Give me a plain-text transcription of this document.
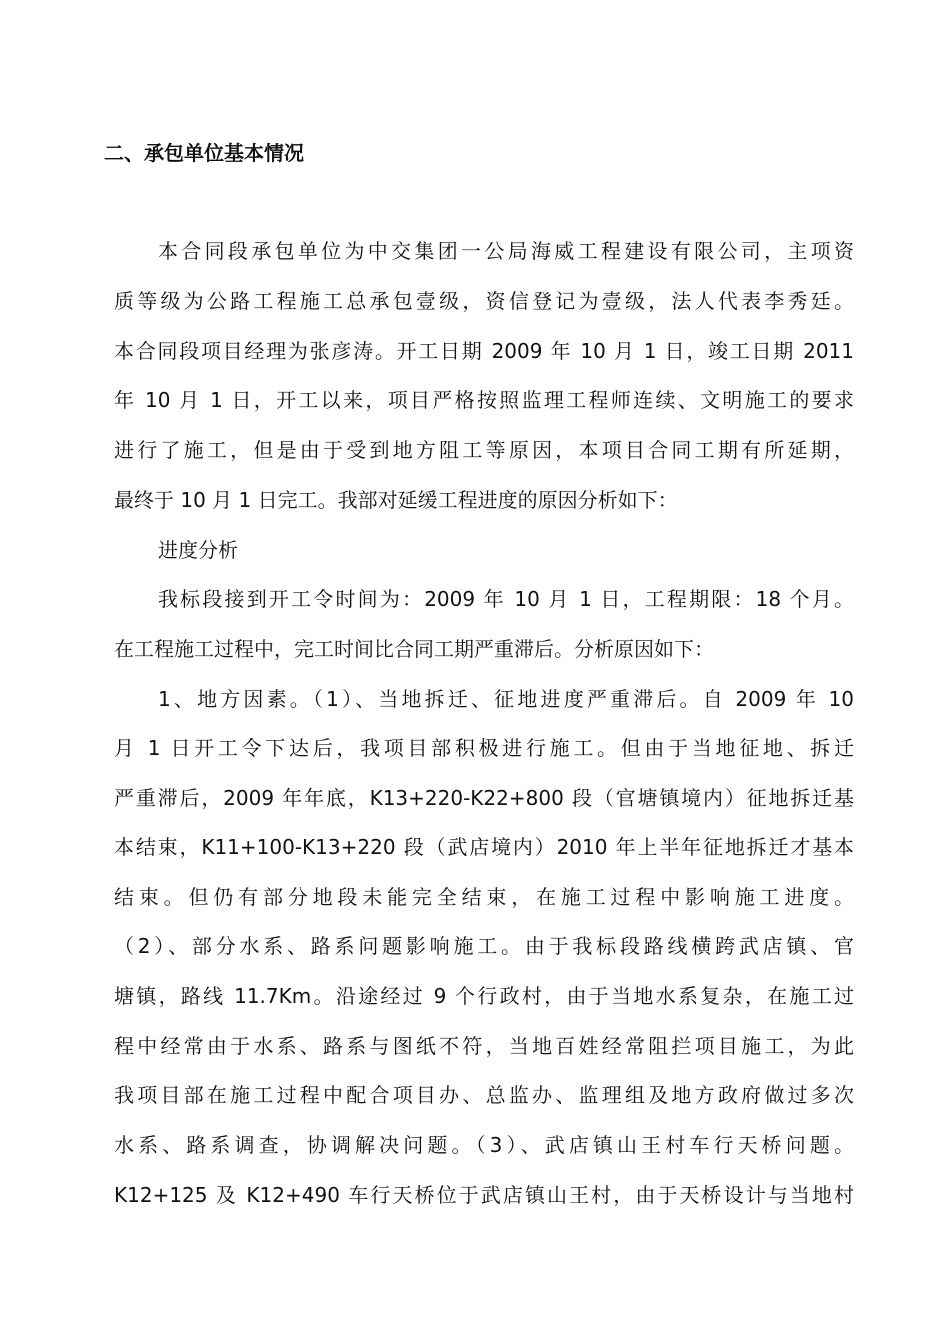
二、承包单位基本情况
本合同段承包单位为中交集团一公局海威工程建设有限公司，主项资
质等级为公路工程施工总承包壹级，资信登记为壹级，法人代表李秀廷。
本合同段项目经理为张彦涛。开工日期 2009 年 10 月 1 日，竣工日期 2011
年 10 月 1 日，开工以来，项目严格按照监理工程师连续、文明施工的要求
进行了施工，但是由于受到地方阻工等原因，本项目合同工期有所延期，
最终于 10 月 1 日完工。我部对延缓工程进度的原因分析如下：
进度分析
我标段接到开工令时间为：2009 年 10 月 1 日，工程期限：18 个月。
在工程施工过程中，完工时间比合同工期严重滞后。分析原因如下：
1、地方因素。（1）、当地拆迁、征地进度严重滞后。自 2009 年 10
月 1 日开工令下达后，我项目部积极进行施工。但由于当地征地、拆迁
严重滞后，2009 年年底，K13+220-K22+800 段（官塘镇境内）征地拆迁基
本结束，K11+100-K13+220 段（武店境内）2010 年上半年征地拆迁才基本
结束。但仍有部分地段未能完全结束，在施工过程中影响施工进度。
（2）、部分水系、路系问题影响施工。由于我标段路线横跨武店镇、官
塘镇，路线 11.7Km。沿途经过 9 个行政村，由于当地水系复杂，在施工过
程中经常由于水系、路系与图纸不符，当地百姓经常阻拦项目施工，为此
我项目部在施工过程中配合项目办、总监办、监理组及地方政府做过多次
水系、路系调查，协调解决问题。（3）、武店镇山王村车行天桥问题。
K12+125 及 K12+490 车行天桥位于武店镇山王村，由于天桥设计与当地村
